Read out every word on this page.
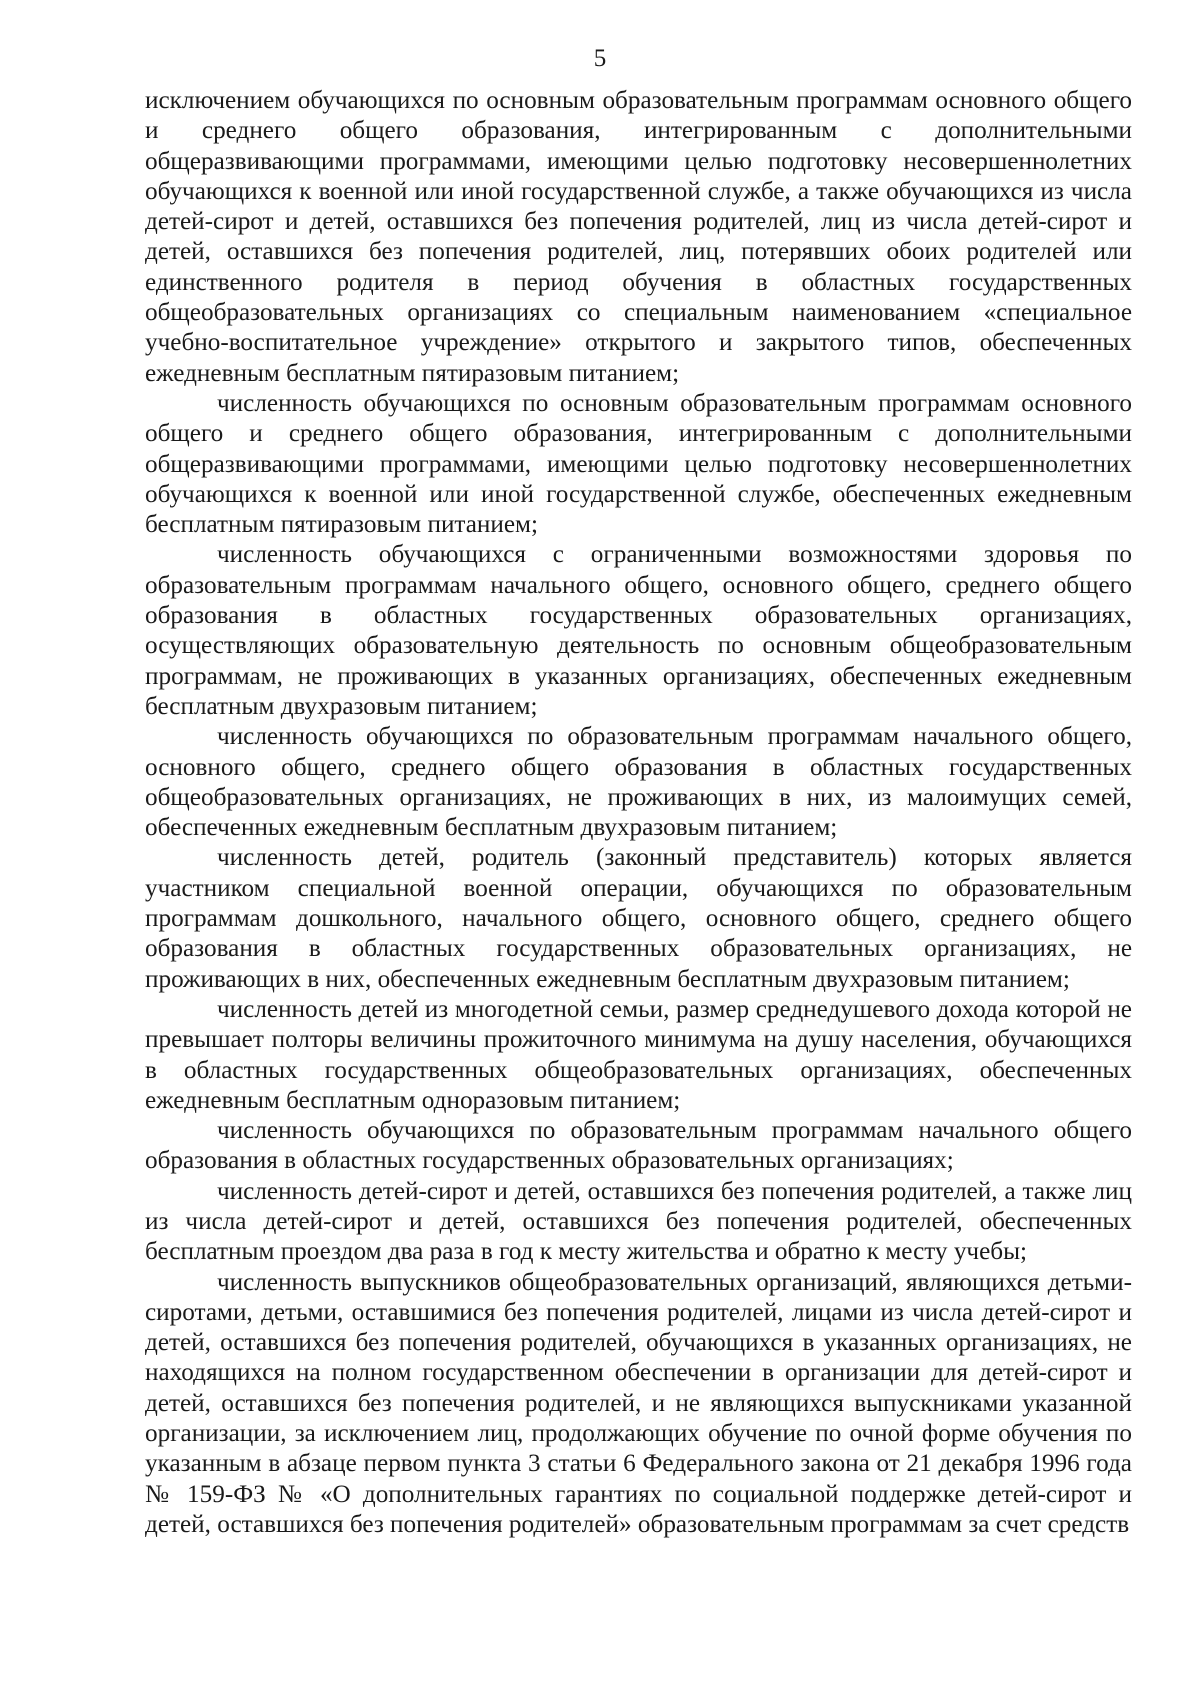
5

исключением обучающихся по основным образовательным программам основного общего и среднего общего образования, интегрированным с дополнительными общеразвивающими программами, имеющими целью подготовку несовершеннолетних обучающихся к военной или иной государственной службе, а также обучающихся из числа детей-сирот и детей, оставшихся без попечения родителей, лиц из числа детей-сирот и детей, оставшихся без попечения родителей, лиц, потерявших обоих родителей или единственного родителя в период обучения в областных государственных общеобразовательных организациях со специальным наименованием «специальное учебно-воспитательное учреждение» открытого и закрытого типов, обеспеченных ежедневным бесплатным пятиразовым питанием;

численность обучающихся по основным образовательным программам основного общего и среднего общего образования, интегрированным с дополнительными общеразвивающими программами, имеющими целью подготовку несовершеннолетних обучающихся к военной или иной государственной службе, обеспеченных ежедневным бесплатным пятиразовым питанием;

численность обучающихся с ограниченными возможностями здоровья по образовательным программам начального общего, основного общего, среднего общего образования в областных государственных образовательных организациях, осуществляющих образовательную деятельность по основным общеобразовательным программам, не проживающих в указанных организациях, обеспеченных ежедневным бесплатным двухразовым питанием;

численность обучающихся по образовательным программам начального общего, основного общего, среднего общего образования в областных государственных общеобразовательных организациях, не проживающих в них, из малоимущих семей, обеспеченных ежедневным бесплатным двухразовым питанием;

численность детей, родитель (законный представитель) которых является участником специальной военной операции, обучающихся по образовательным программам дошкольного, начального общего, основного общего, среднего общего образования в областных государственных образовательных организациях, не проживающих в них, обеспеченных ежедневным бесплатным двухразовым питанием;

численность детей из многодетной семьи, размер среднедушевого дохода которой не превышает полторы величины прожиточного минимума на душу населения, обучающихся в областных государственных общеобразовательных организациях, обеспеченных ежедневным бесплатным одноразовым питанием;

численность обучающихся по образовательным программам начального общего образования в областных государственных образовательных организациях;

численность детей-сирот и детей, оставшихся без попечения родителей, а также лиц из числа детей-сирот и детей, оставшихся без попечения родителей, обеспеченных бесплатным проездом два раза в год к месту жительства и обратно к месту учебы;

численность выпускников общеобразовательных организаций, являющихся детьми-сиротами, детьми, оставшимися без попечения родителей, лицами из числа детей-сирот и детей, оставшихся без попечения родителей, обучающихся в указанных организациях, не находящихся на полном государственном обеспечении в организации для детей-сирот и детей, оставшихся без попечения родителей, и не являющихся выпускниками указанной организации, за исключением лиц, продолжающих обучение по очной форме обучения по указанным в абзаце первом пункта 3 статьи 6 Федерального закона от 21 декабря 1996 года № 159-ФЗ № «О дополнительных гарантиях по социальной поддержке детей-сирот и детей, оставшихся без попечения родителей» образовательным программам за счет средств
